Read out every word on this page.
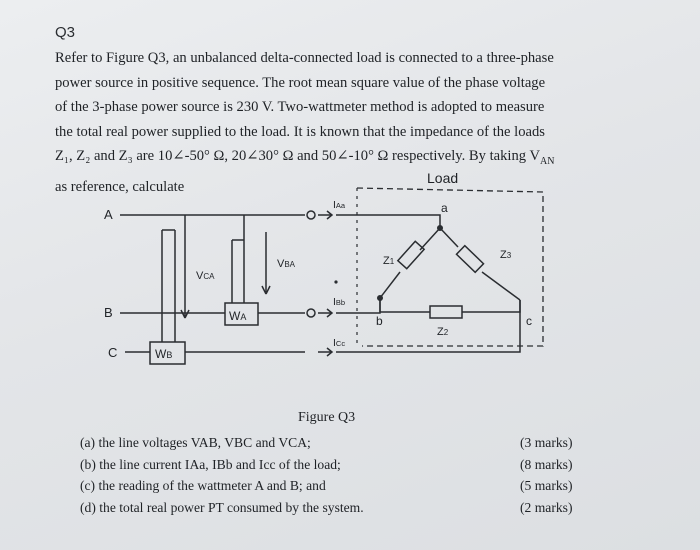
Q3
Refer to Figure Q3, an unbalanced delta-connected load is connected to a three-phase
power source in positive sequence. The root mean square value of the phase voltage
of the 3-phase power source is 230 V. Two-wattmeter method is adopted to measure
the total real power supplied to the load. It is known that the impedance of the loads
Z₁, Z₂ and Z₃ are 10∠-50° Ω, 20∠30° Ω and 50∠-10° Ω respectively. By taking $V_{AN}$
as reference, calculate
Load
A
B
C
a
b	c
IAa
IBb
ICc
VCA
VBA
WA
WB
Z1
Z2
Z3
Figure Q3
(a) the line voltages VAB, VBC and VCA;	(3 marks)
(b) the line current IAa, IBb and Icc of the load;	(8 marks)
(c) the reading of the wattmeter A and B; and	(5 marks)
(d) the total real power PT consumed by the system.	(2 marks)
